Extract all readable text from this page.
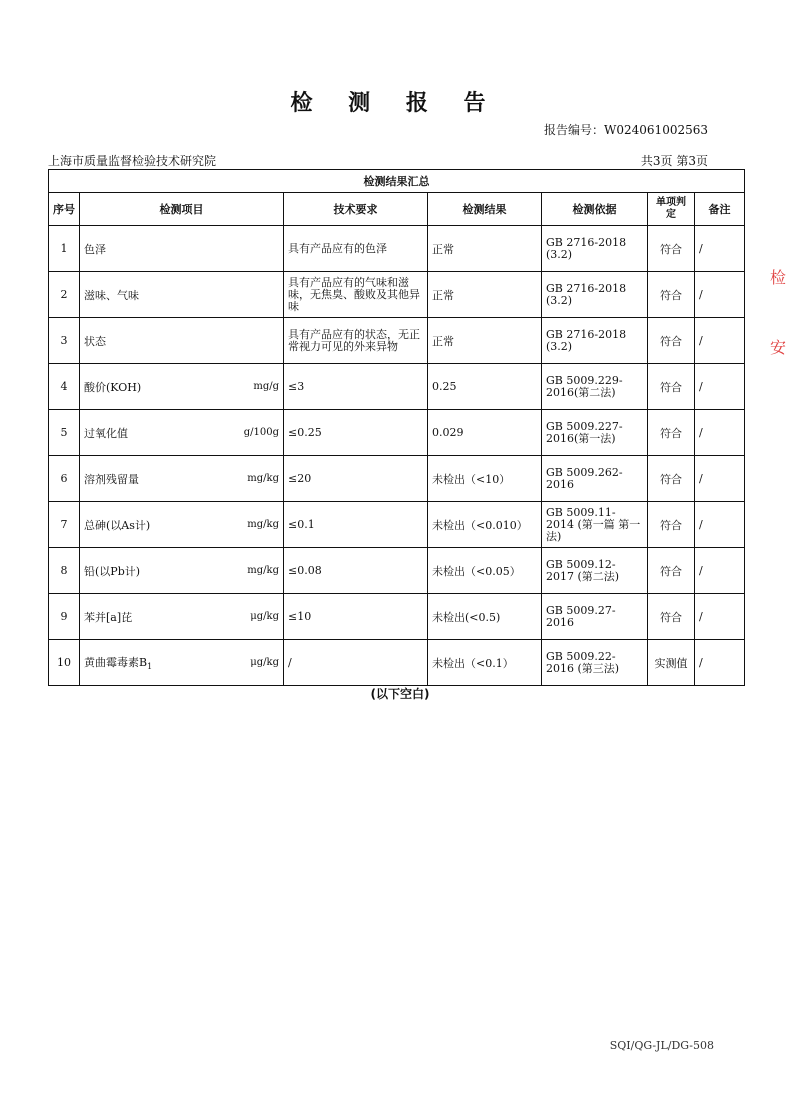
检 测 报 告
报告编号：W024061002563
上海市质量监督检验技术研究院	共3页 第3页
检测结果汇总						
序号	检测项目	技术要求	检测结果	检测依据	单项判定	备注
1	色泽	具有产品应有的色泽	正常	GB 2716-2018 (3.2)	符合	/
2	滋味、气味	具有产品应有的气味和滋味，无焦臭、酸败及其他异味	正常	GB 2716-2018 (3.2)	符合	/
3	状态	具有产品应有的状态，无正常视力可见的外来异物	正常	GB 2716-2018 (3.2)	符合	/
4	酸价(KOH) mg/g	≤3	0.25	GB 5009.229-2016(第二法)	符合	/
5	过氧化值 g/100g	≤0.25	0.029	GB 5009.227-2016(第一法)	符合	/
6	溶剂残留量 mg/kg	≤20	未检出（<10）	GB 5009.262-2016	符合	/
7	总砷(以As计) mg/kg	≤0.1	未检出（<0.010）	GB 5009.11-2014 (第一篇 第一法)	符合	/
8	铅(以Pb计) mg/kg	≤0.08	未检出（<0.05）	GB 5009.12-2017 (第二法)	符合	/
9	苯并[a]芘 μg/kg	≤10	未检出(<0.5)	GB 5009.27-2016	符合	/
10	黄曲霉毒素$B_1$ μg/kg	/	未检出（<0.1）	GB 5009.22-2016 (第三法)	实测值	/
(以下空白)
SQI/QG-JL/DG-508
检
安
